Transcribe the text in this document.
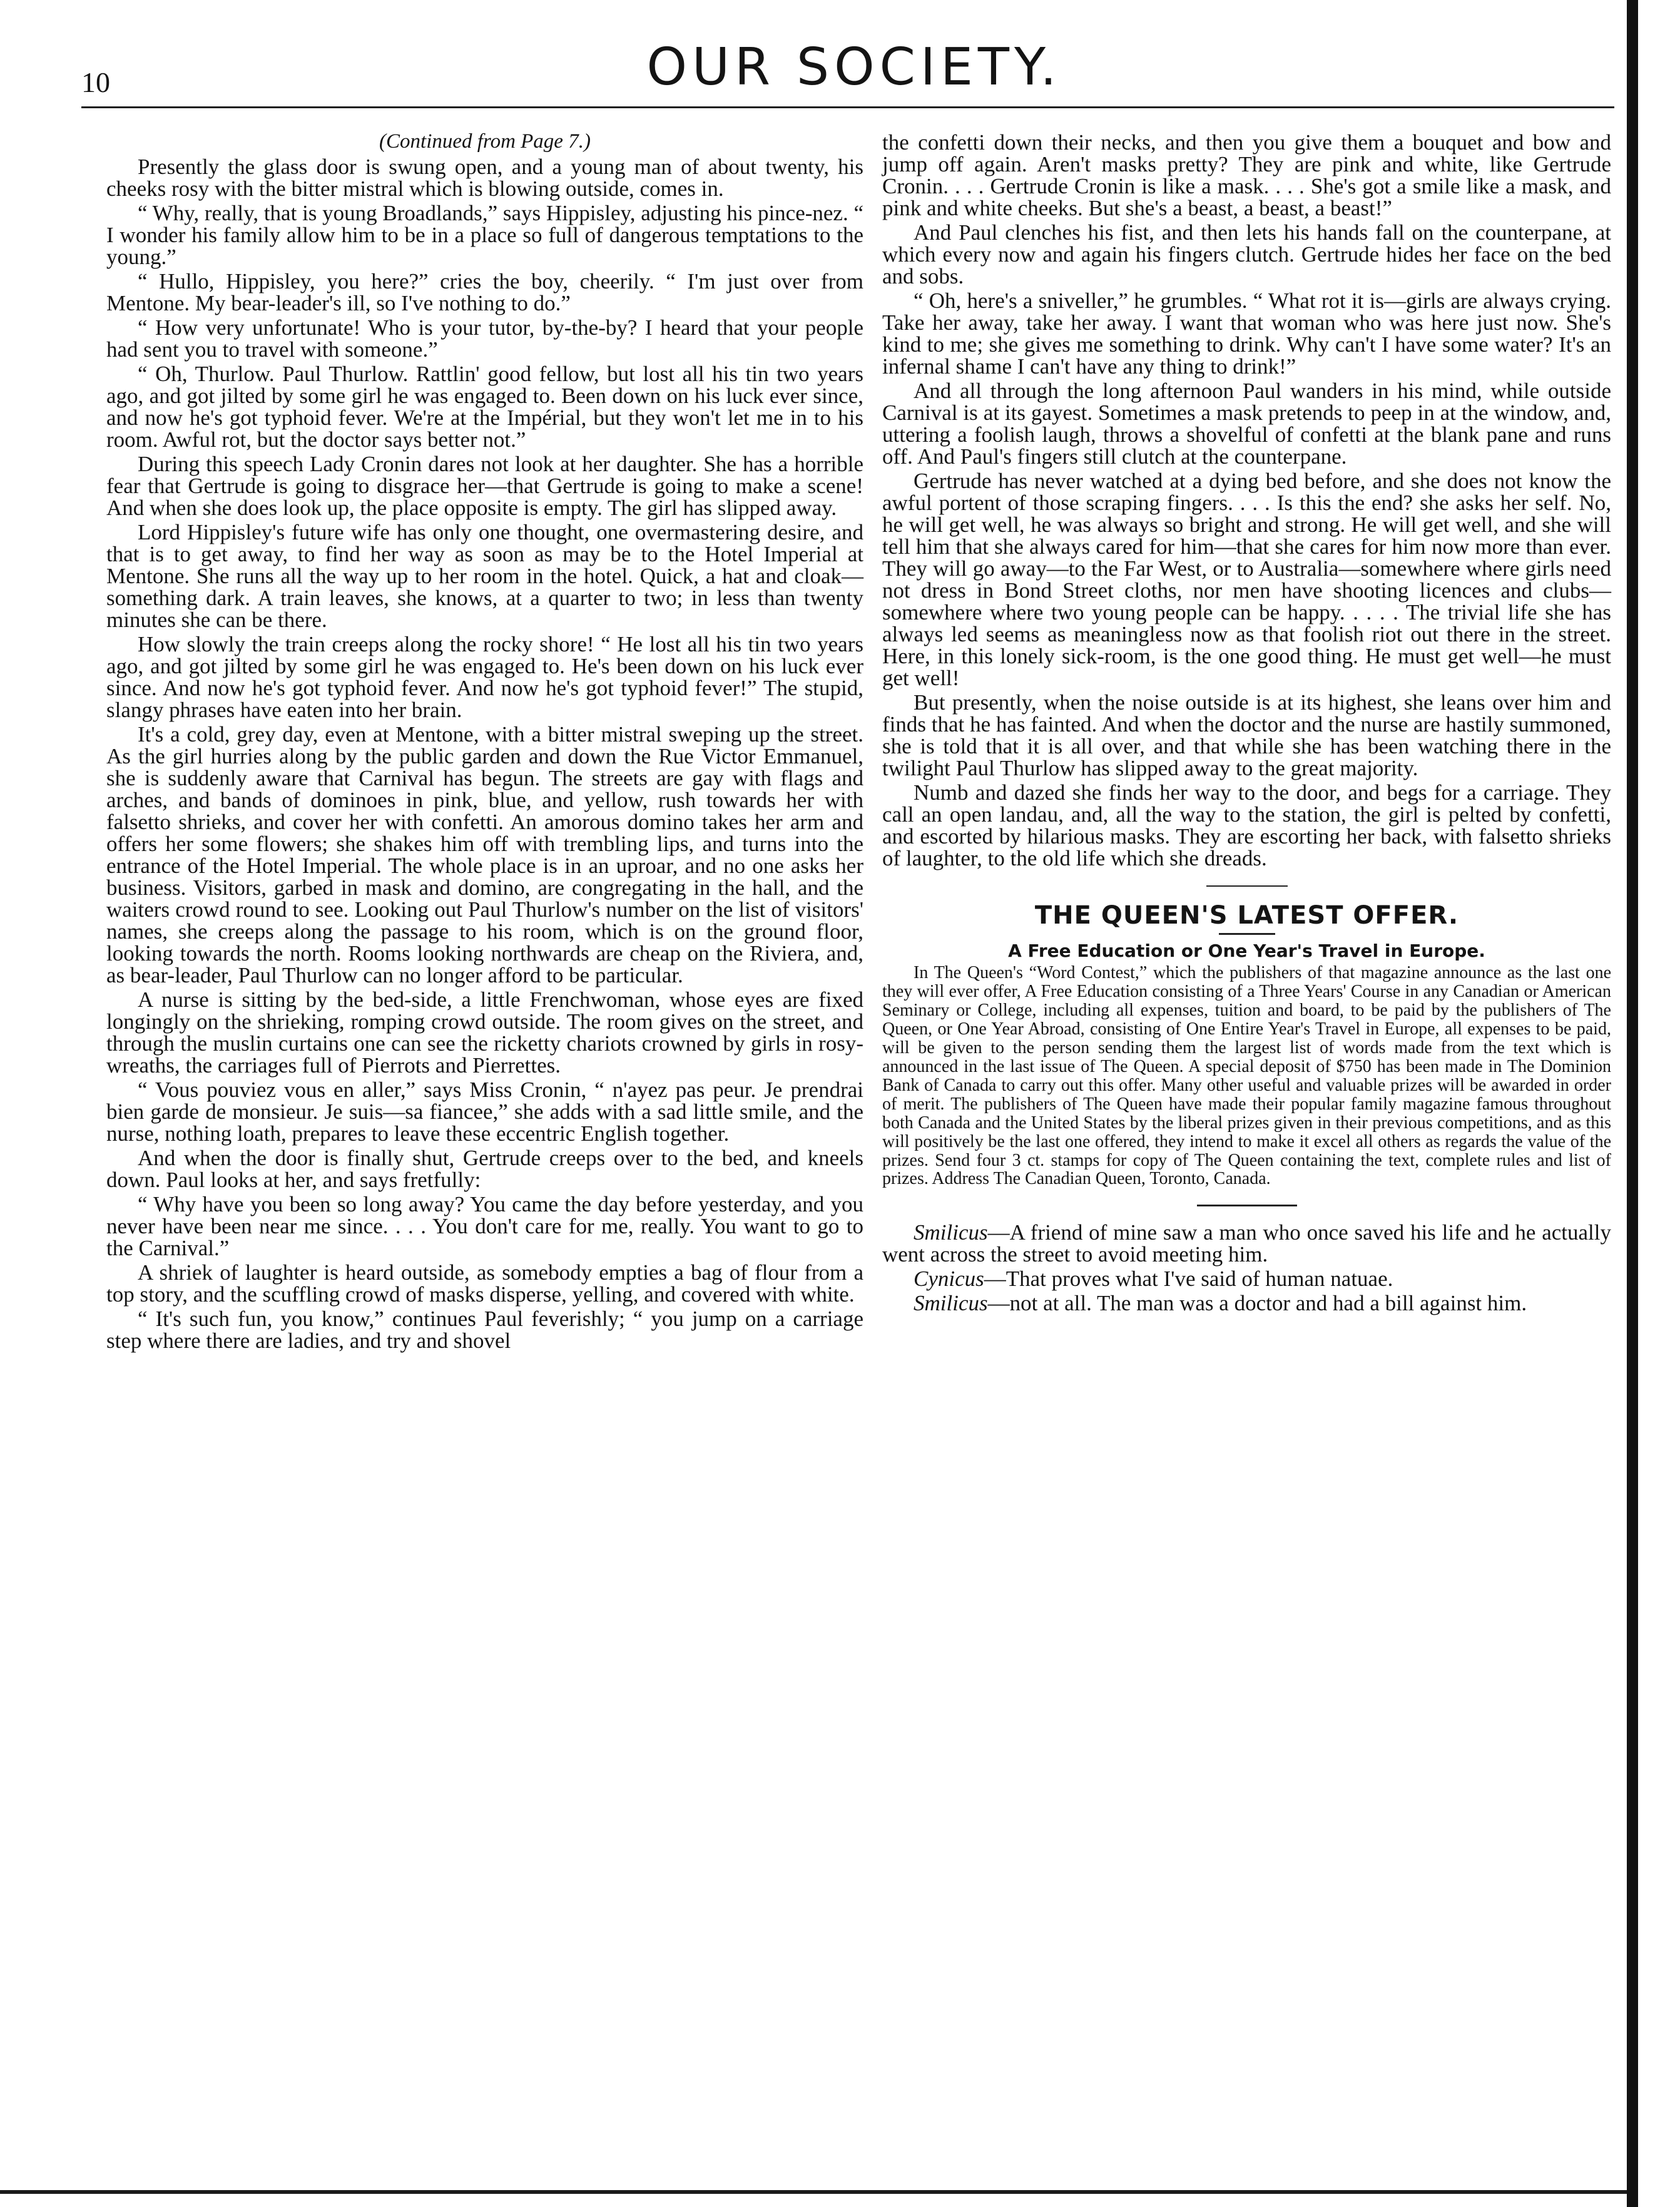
10	OUR SOCIETY.

(Continued from Page 7.)

Presently the glass door is swung open, and a young man of about twenty, his cheeks rosy with the bitter mistral which is blowing outside, comes in.

“ Why, really, that is young Broadlands,” says Hippisley, adjusting his pince-nez. “ I wonder his family allow him to be in a place so full of dangerous temptations to the young.”

“ Hullo, Hippisley, you here?” cries the boy, cheerily. “ I'm just over from Mentone. My bear-leader's ill, so I've nothing to do.”

“ How very unfortunate! Who is your tutor, by-the-by? I heard that your people had sent you to travel with someone.”

“ Oh, Thurlow. Paul Thurlow. Rattlin' good fellow, but lost all his tin two years ago, and got jilted by some girl he was engaged to. Been down on his luck ever since, and now he's got typhoid fever. We're at the Impérial, but they won't let me in to his room. Awful rot, but the doctor says better not.”

During this speech Lady Cronin dares not look at her daughter. She has a horrible fear that Gertrude is going to disgrace her—that Gertrude is going to make a scene! And when she does look up, the place opposite is empty. The girl has slipped away.

Lord Hippisley's future wife has only one thought, one overmastering desire, and that is to get away, to find her way as soon as may be to the Hotel Imperial at Mentone. She runs all the way up to her room in the hotel. Quick, a hat and cloak—something dark. A train leaves, she knows, at a quarter to two; in less than twenty minutes she can be there.

How slowly the train creeps along the rocky shore! “ He lost all his tin two years ago, and got jilted by some girl he was engaged to. He's been down on his luck ever since. And now he's got typhoid fever. And now he's got typhoid fever!” The stupid, slangy phrases have eaten into her brain.

It's a cold, grey day, even at Mentone, with a bitter mistral sweping up the street. As the girl hurries along by the public garden and down the Rue Victor Emmanuel, she is suddenly aware that Carnival has begun. The streets are gay with flags and arches, and bands of dominoes in pink, blue, and yellow, rush towards her with falsetto shrieks, and cover her with confetti. An amorous domino takes her arm and offers her some flowers; she shakes him off with trembling lips, and turns into the entrance of the Hotel Imperial. The whole place is in an uproar, and no one asks her business. Visitors, garbed in mask and domino, are congregating in the hall, and the waiters crowd round to see. Looking out Paul Thurlow's number on the list of visitors' names, she creeps along the passage to his room, which is on the ground floor, looking towards the north. Rooms looking northwards are cheap on the Riviera, and, as bear-leader, Paul Thurlow can no longer afford to be particular.

A nurse is sitting by the bed-side, a little Frenchwoman, whose eyes are fixed longingly on the shrieking, romping crowd outside. The room gives on the street, and through the muslin curtains one can see the ricketty chariots crowned by girls in rosy-wreaths, the carriages full of Pierrots and Pierrettes.

“ Vous pouviez vous en aller,” says Miss Cronin, “ n'ayez pas peur. Je prendrai bien garde de monsieur. Je suis—sa fiancee,” she adds with a sad little smile, and the nurse, nothing loath, prepares to leave these eccentric English together.

And when the door is finally shut, Gertrude creeps over to the bed, and kneels down. Paul looks at her, and says fretfully:

“ Why have you been so long away? You came the day before yesterday, and you never have been near me since. . . . You don't care for me, really. You want to go to the Carnival.”

A shriek of laughter is heard outside, as somebody empties a bag of flour from a top story, and the scuffling crowd of masks disperse, yelling, and covered with white.

“ It's such fun, you know,” continues Paul feverishly; “ you jump on a carriage step where there are ladies, and try and shovel

the confetti down their necks, and then you give them a bouquet and bow and jump off again. Aren't masks pretty? They are pink and white, like Gertrude Cronin. . . . Gertrude Cronin is like a mask. . . . She's got a smile like a mask, and pink and white cheeks. But she's a beast, a beast, a beast!”

And Paul clenches his fist, and then lets his hands fall on the counterpane, at which every now and again his fingers clutch. Gertrude hides her face on the bed and sobs.

“ Oh, here's a sniveller,” he grumbles. “ What rot it is—girls are always crying. Take her away, take her away. I want that woman who was here just now. She's kind to me; she gives me something to drink. Why can't I have some water? It's an infernal shame I can't have any thing to drink!”

And all through the long afternoon Paul wanders in his mind, while outside Carnival is at its gayest. Sometimes a mask pretends to peep in at the window, and, uttering a foolish laugh, throws a shovelful of confetti at the blank pane and runs off. And Paul's fingers still clutch at the counterpane.

Gertrude has never watched at a dying bed before, and she does not know the awful portent of those scraping fingers. . . . Is this the end? she asks her self. No, he will get well, he was always so bright and strong. He will get well, and she will tell him that she always cared for him—that she cares for him now more than ever. They will go away—to the Far West, or to Australia—somewhere where girls need not dress in Bond Street cloths, nor men have shooting licences and clubs—somewhere where two young people can be happy. . . . . The trivial life she has always led seems as meaningless now as that foolish riot out there in the street. Here, in this lonely sick-room, is the one good thing. He must get well—he must get well!

But presently, when the noise outside is at its highest, she leans over him and finds that he has fainted. And when the doctor and the nurse are hastily summoned, she is told that it is all over, and that while she has been watching there in the twilight Paul Thurlow has slipped away to the great majority.

Numb and dazed she finds her way to the door, and begs for a carriage. They call an open landau, and, all the way to the station, the girl is pelted by confetti, and escorted by hilarious masks. They are escorting her back, with falsetto shrieks of laughter, to the old life which she dreads.

THE QUEEN'S LATEST OFFER.
A Free Education or One Year's Travel in Europe.

In The Queen's “Word Contest,” which the publishers of that magazine announce as the last one they will ever offer, A Free Education consisting of a Three Years' Course in any Canadian or American Seminary or College, including all expenses, tuition and board, to be paid by the publishers of The Queen, or One Year Abroad, consisting of One Entire Year's Travel in Europe, all expenses to be paid, will be given to the person sending them the largest list of words made from the text which is announced in the last issue of The Queen. A special deposit of $750 has been made in The Dominion Bank of Canada to carry out this offer. Many other useful and valuable prizes will be awarded in order of merit. The publishers of The Queen have made their popular family magazine famous throughout both Canada and the United States by the liberal prizes given in their previous competitions, and as this will positively be the last one offered, they intend to make it excel all others as regards the value of the prizes. Send four 3 ct. stamps for copy of The Queen containing the text, complete rules and list of prizes. Address The Canadian Queen, Toronto, Canada.

Smilicus—A friend of mine saw a man who once saved his life and he actually went across the street to avoid meeting him.

Cynicus—That proves what I've said of human natuae.

Smilicus—not at all. The man was a doctor and had a bill against him.
